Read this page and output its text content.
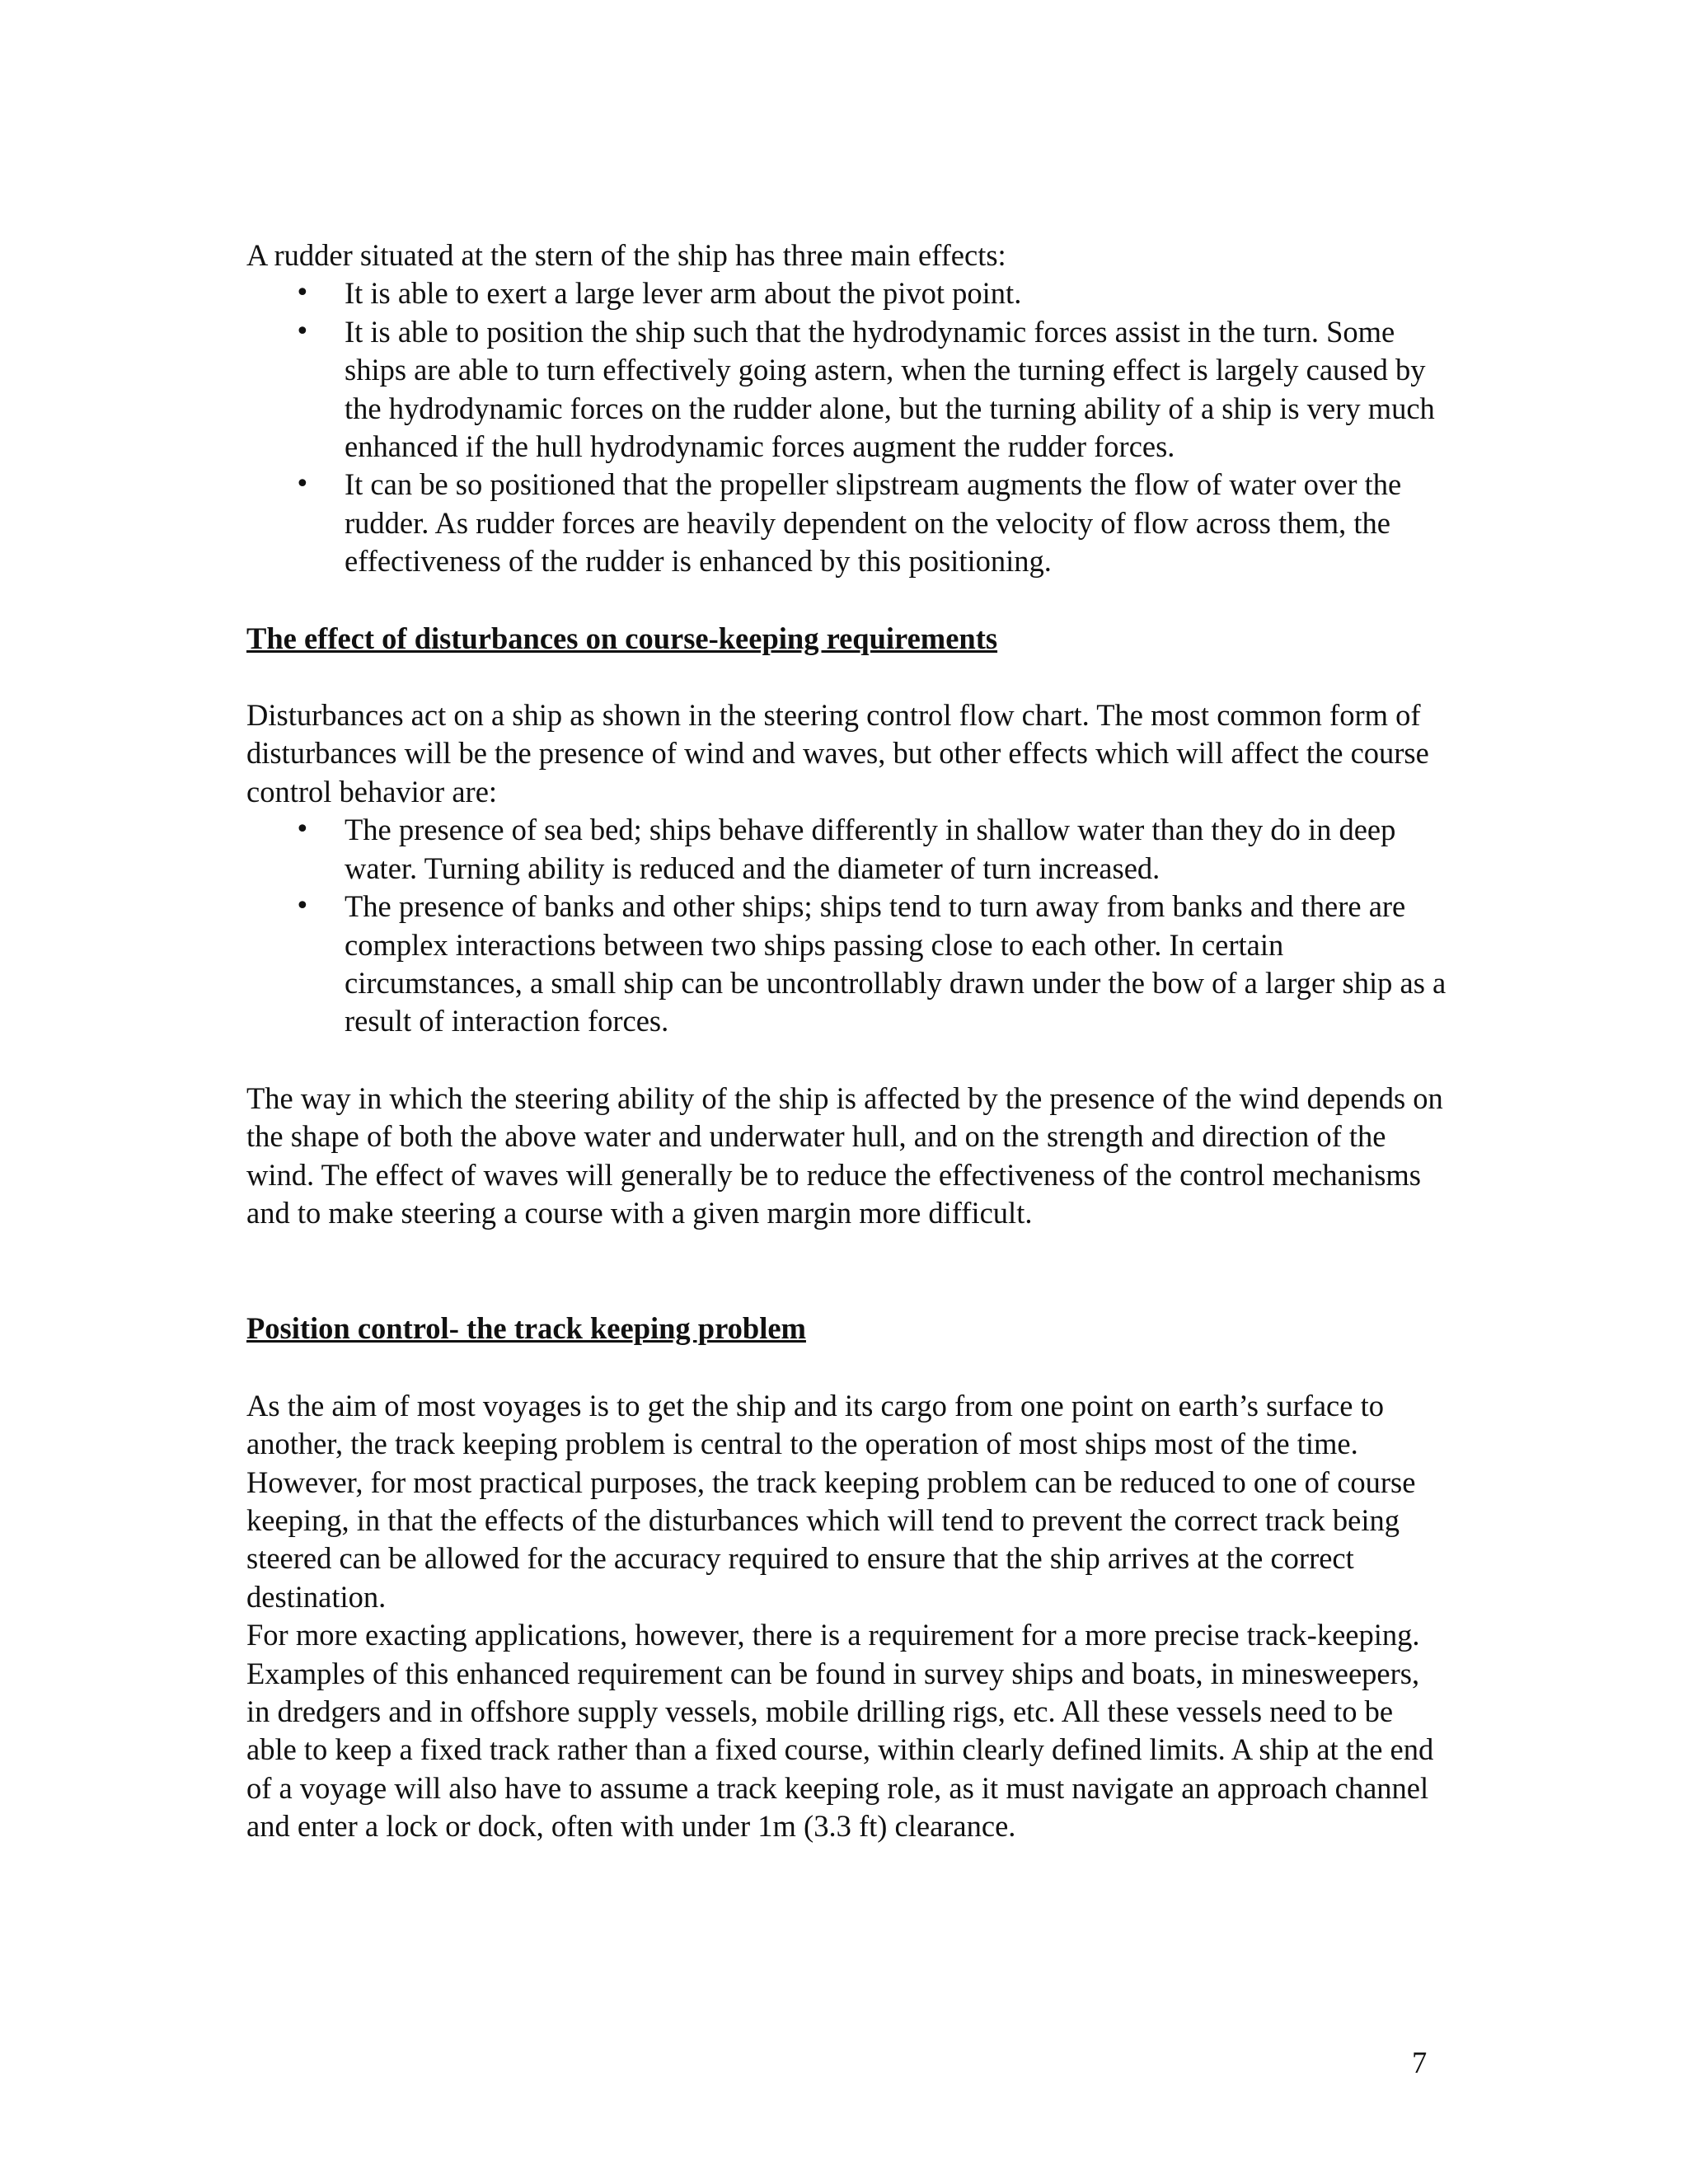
A rudder situated at the stern of the ship has three main effects:

• It is able to exert a large lever arm about the pivot point.
• It is able to position the ship such that the hydrodynamic forces assist in the turn. Some ships are able to turn effectively going astern, when the turning effect is largely caused by the hydrodynamic forces on the rudder alone, but the turning ability of a ship is very much enhanced if the hull hydrodynamic forces augment the rudder forces.
• It can be so positioned that the propeller slipstream augments the flow of water over the rudder. As rudder forces are heavily dependent on the velocity of flow across them, the effectiveness of the rudder is enhanced by this positioning.
The effect of disturbances on course-keeping requirements

Disturbances act on a ship as shown in the steering control flow chart. The most common form of disturbances will be the presence of wind and waves, but other effects which will affect the course control behavior are:

• The presence of sea bed; ships behave differently in shallow water than they do in deep water. Turning ability is reduced and the diameter of turn increased.
• The presence of banks and other ships; ships tend to turn away from banks and there are complex interactions between two ships passing close to each other. In certain circumstances, a small ship can be uncontrollably drawn under the bow of a larger ship as a result of interaction forces.

The way in which the steering ability of the ship is affected by the presence of the wind depends on the shape of both the above water and underwater hull, and on the strength and direction of the wind. The effect of waves will generally be to reduce the effectiveness of the control mechanisms and to make steering a course with a given margin more difficult.

Position control- the track keeping problem

As the aim of most voyages is to get the ship and its cargo from one point on earth’s surface to another, the track keeping problem is central to the operation of most ships most of the time. However, for most practical purposes, the track keeping problem can be reduced to one of course keeping, in that the effects of the disturbances which will tend to prevent the correct track being steered can be allowed for the accuracy required to ensure that the ship arrives at the correct destination.

For more exacting applications, however, there is a requirement for a more precise track-keeping. Examples of this enhanced requirement can be found in survey ships and boats, in minesweepers, in dredgers and in offshore supply vessels, mobile drilling rigs, etc. All these vessels need to be able to keep a fixed track rather than a fixed course, within clearly defined limits. A ship at the end of a voyage will also have to assume a track keeping role, as it must navigate an approach channel and enter a lock or dock, often with under 1m (3.3 ft) clearance.

7
